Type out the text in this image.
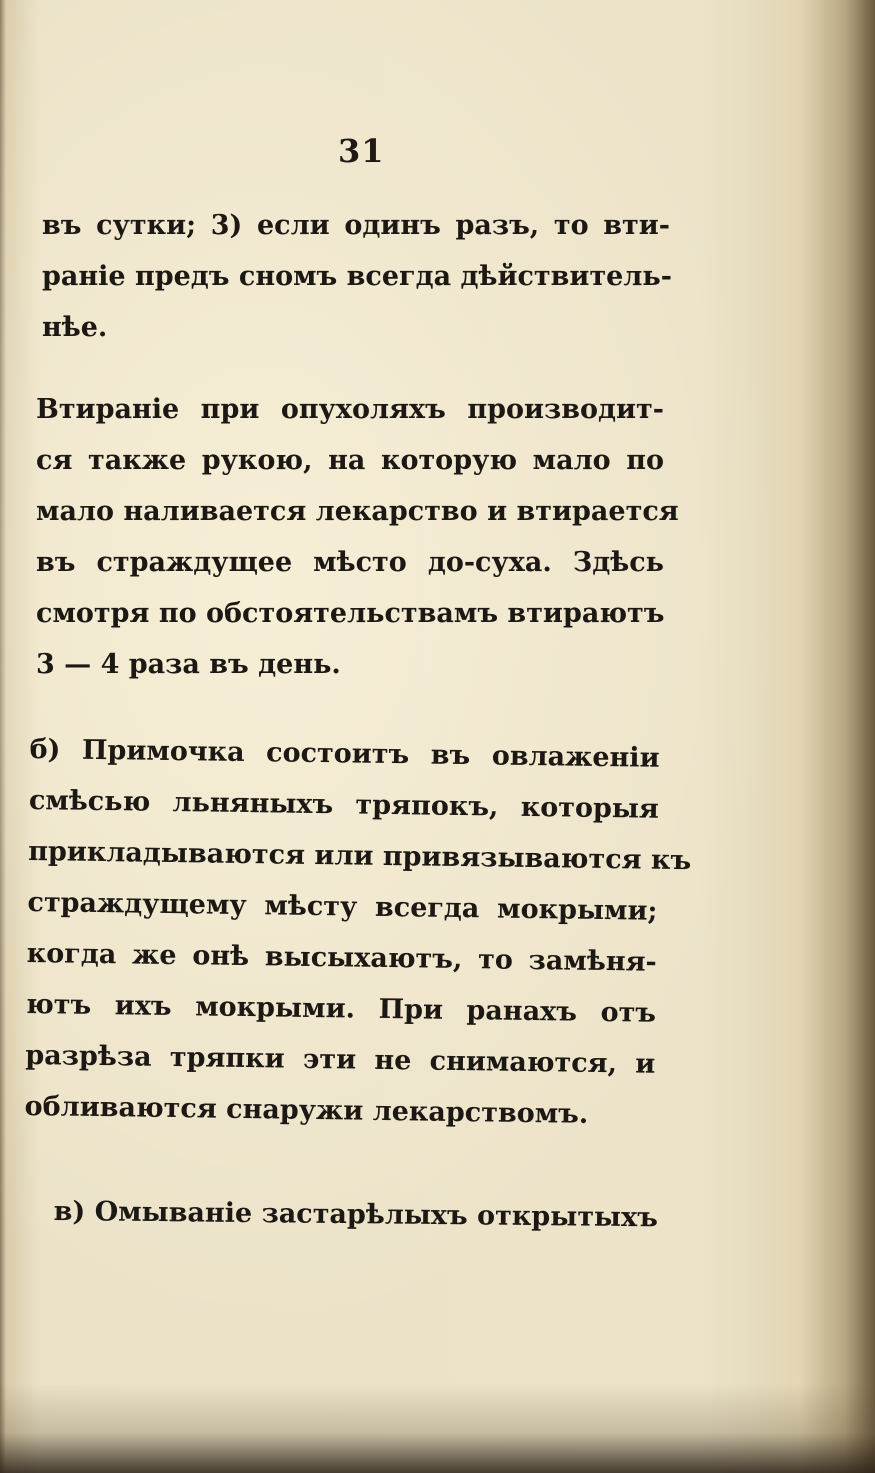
31
въ сутки; 3) если одинъ разъ, то вти-
раніе предъ сномъ всегда дѣйствитель-
нѣе.
Втираніе при опухоляхъ производит-
ся также рукою, на которую мало по
мало наливается лекарство и втирается
въ страждущее мѣсто до-суха. Здѣсь
смотря по обстоятельствамъ втираютъ
3 — 4 раза въ день.
б) Примочка состоитъ въ овлаженіи
смѣсью льняныхъ тряпокъ, которыя
прикладываются или привязываются къ
страждущему мѣсту всегда мокрыми;
когда же онѣ высыхаютъ, то замѣня-
ютъ ихъ мокрыми. При ранахъ отъ
разрѣза тряпки эти не снимаются, и
обливаются снаружи лекарствомъ.
в) Омываніе застарѣлыхъ открытыхъ
